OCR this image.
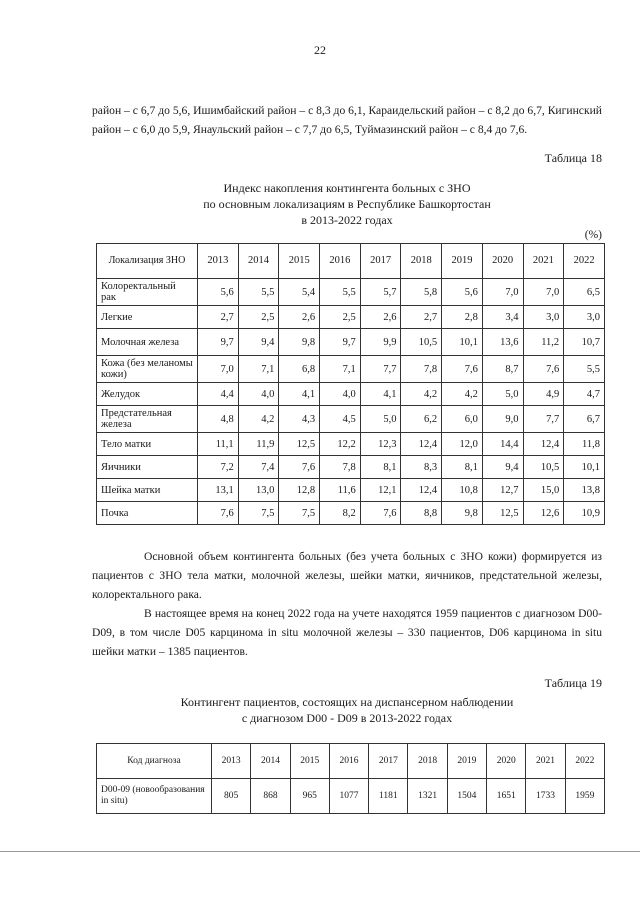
22

район – с 6,7 до 5,6, Ишимбайский район – с 8,3 до 6,1, Караидельский район – с 8,2 до 6,7, Кигинский район – с 6,0 до 5,9, Янаульский район – с 7,7 до 6,5, Туймазинский район – с 8,4 до 7,6.

Таблица 18
Индекс накопления контингента больных с ЗНО
по основным локализациям в Республике Башкортостан
в 2013-2022 годах
(%)
Локализация ЗНО	2013	2014	2015	2016	2017	2018	2019	2020	2021	2022
Колоректальный рак	5,6	5,5	5,4	5,5	5,7	5,8	5,6	7,0	7,0	6,5
Легкие	2,7	2,5	2,6	2,5	2,6	2,7	2,8	3,4	3,0	3,0
Молочная железа	9,7	9,4	9,8	9,7	9,9	10,5	10,1	13,6	11,2	10,7
Кожа (без меланомы кожи)	7,0	7,1	6,8	7,1	7,7	7,8	7,6	8,7	7,6	5,5
Желудок	4,4	4,0	4,1	4,0	4,1	4,2	4,2	5,0	4,9	4,7
Предстательная железа	4,8	4,2	4,3	4,5	5,0	6,2	6,0	9,0	7,7	6,7
Тело матки	11,1	11,9	12,5	12,2	12,3	12,4	12,0	14,4	12,4	11,8
Яичники	7,2	7,4	7,6	7,8	8,1	8,3	8,1	9,4	10,5	10,1
Шейка матки	13,1	13,0	12,8	11,6	12,1	12,4	10,8	12,7	15,0	13,8
Почка	7,6	7,5	7,5	8,2	7,6	8,8	9,8	12,5	12,6	10,9

Основной объем контингента больных (без учета больных с ЗНО кожи) формируется из пациентов с ЗНО тела матки, молочной железы, шейки матки, яичников, предстательной железы, колоректального рака.

В настоящее время на конец 2022 года на учете находятся 1959 пациентов с диагнозом D00-D09, в том числе D05 карцинома in situ молочной железы – 330 пациентов, D06 карцинома in situ шейки матки – 1385 пациентов.

Таблица 19
Контингент пациентов, состоящих на диспансерном наблюдении
с диагнозом D00 - D09 в 2013-2022 годах
Код диагноза	2013	2014	2015	2016	2017	2018	2019	2020	2021	2022
D00-09 (новообразования in situ)	805	868	965	1077	1181	1321	1504	1651	1733	1959
